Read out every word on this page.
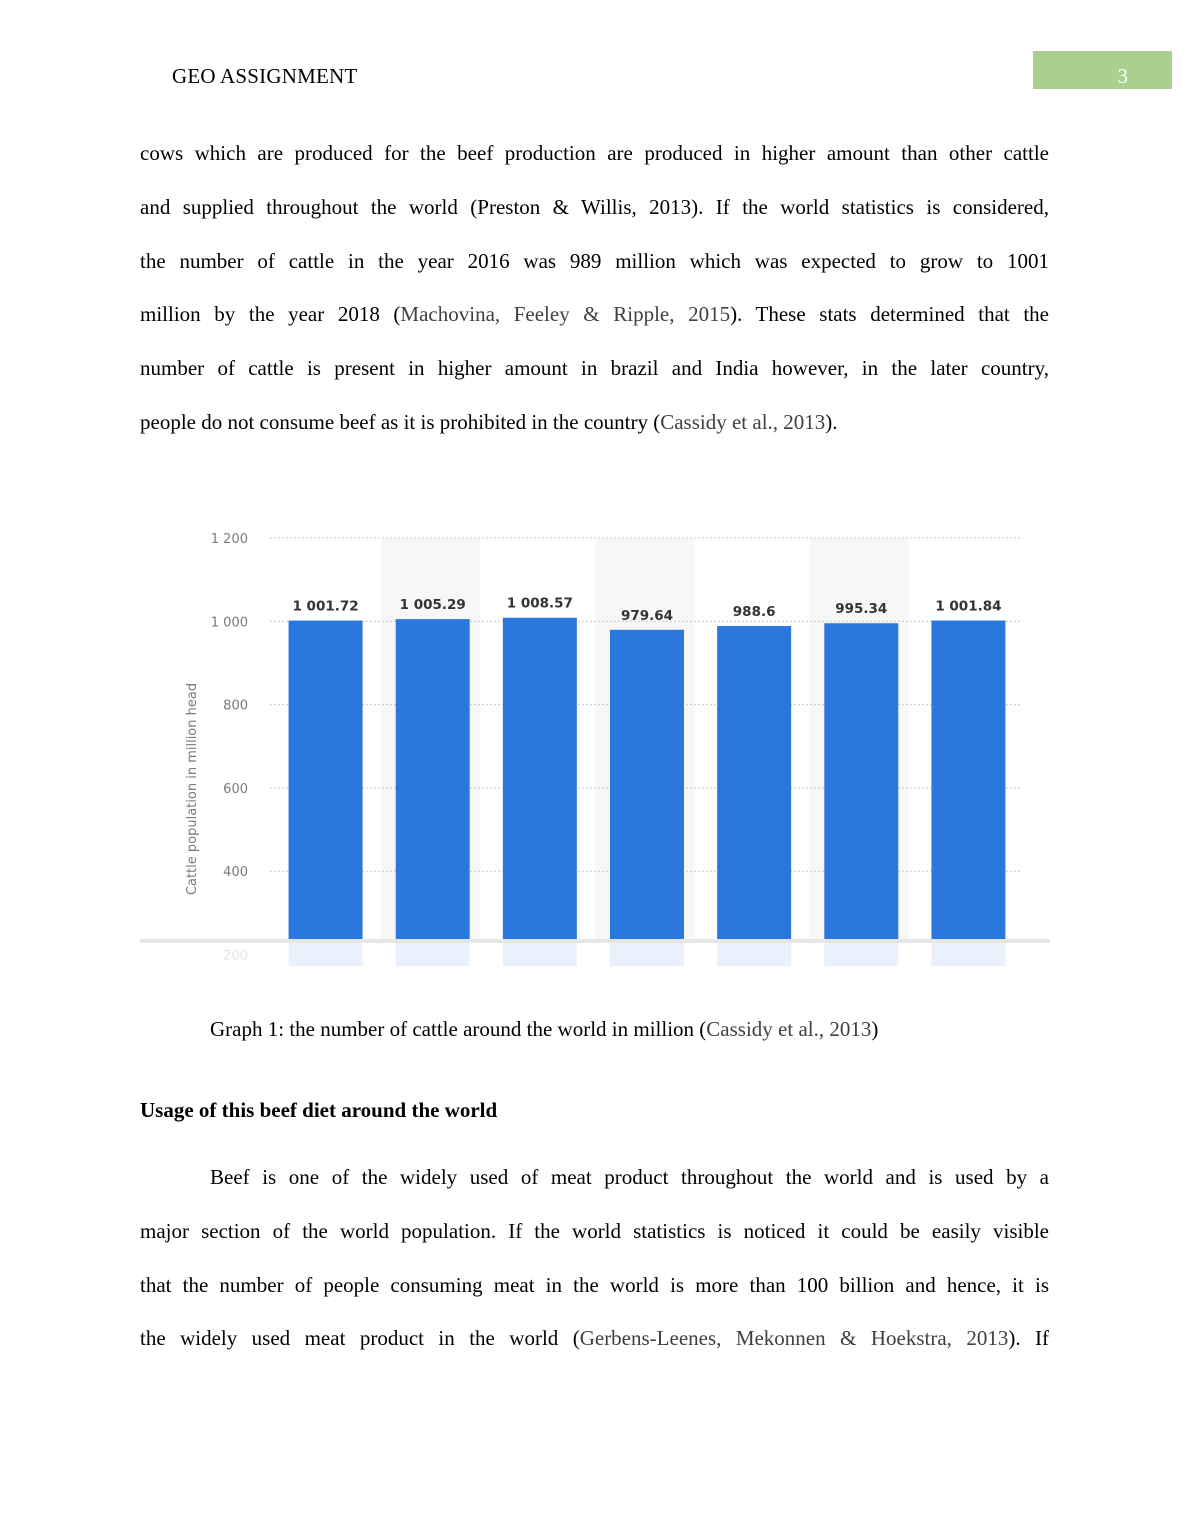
GEO ASSIGNMENT	3
cows which are produced for the beef production are produced in higher amount than other cattle
and supplied throughout the world (Preston & Willis, 2013). If the world statistics is considered,
the number of cattle in the year 2016 was 989 million which was expected to grow to 1001
million by the year 2018 (Machovina, Feeley & Ripple, 2015). These stats determined that the
number of cattle is present in higher amount in brazil and India however, in the later country,
people do not consume beef as it is prohibited in the country (Cassidy et al., 2013).
1 200
1 000
800
600
400
200
Cattle population in million head
1 001.72	1 005.29	1 008.57
979.64	988.6	995.34	1 001.84
Graph 1: the number of cattle around the world in million (Cassidy et al., 2013)
Usage of this beef diet around the world
Beef is one of the widely used of meat product throughout the world and is used by a
major section of the world population. If the world statistics is noticed it could be easily visible
that the number of people consuming meat in the world is more than 100 billion and hence, it is
the widely used meat product in the world (Gerbens-Leenes, Mekonnen & Hoekstra, 2013). If
